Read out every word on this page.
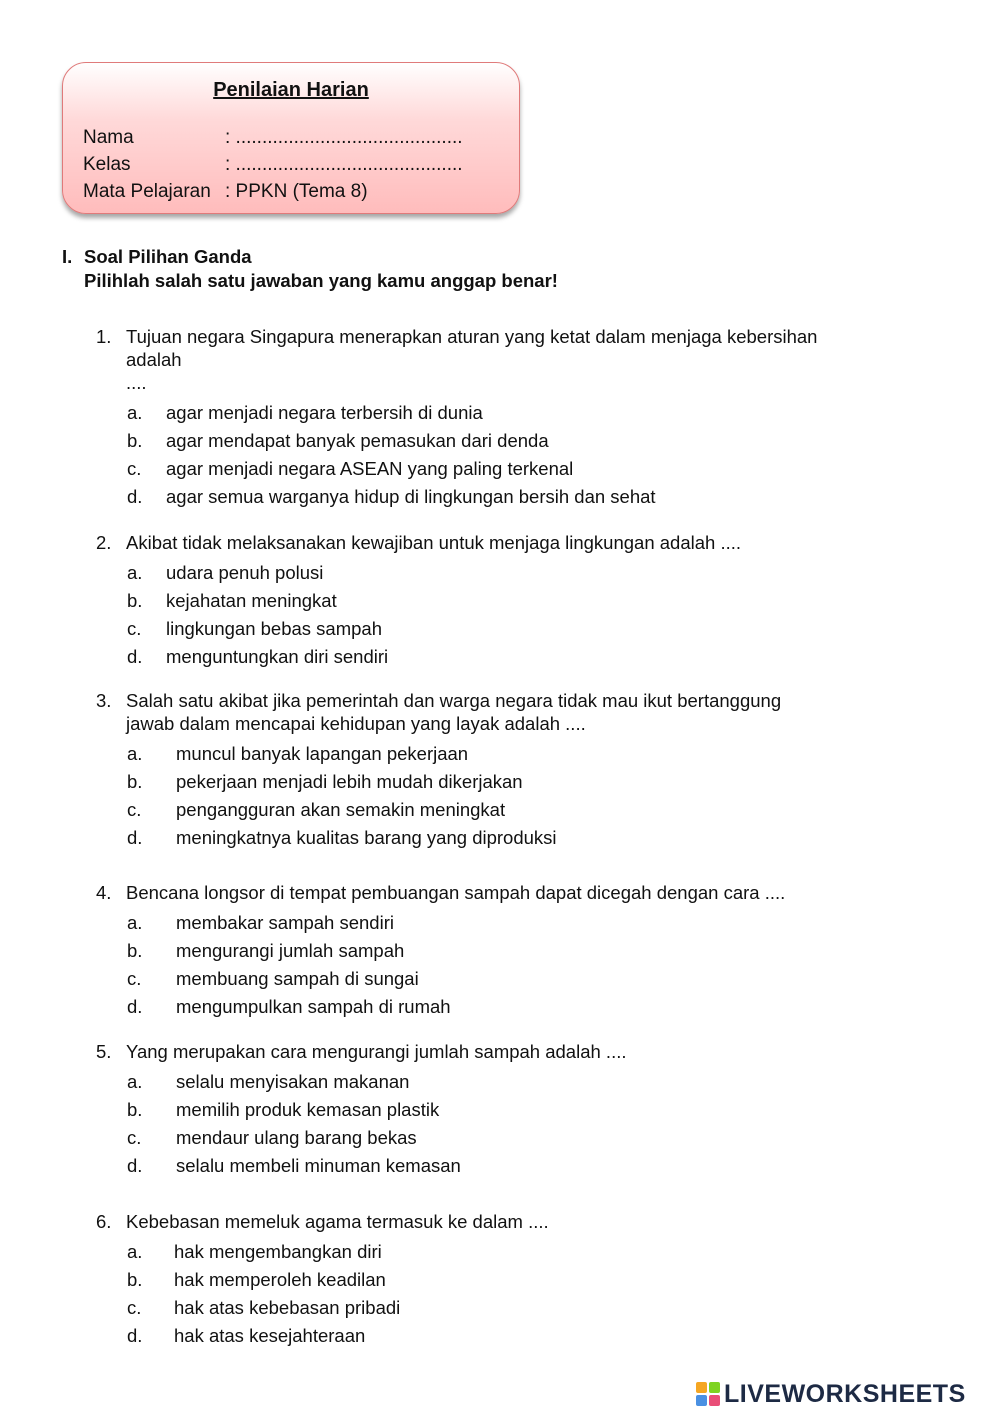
Penilaian Harian
Nama	: ...........................................
Kelas	: ...........................................
Mata Pelajaran : PPKN (Tema 8)
I. Soal Pilihan Ganda
Pilihlah salah satu jawaban yang kamu anggap benar!
1. Tujuan negara Singapura menerapkan aturan yang ketat dalam menjaga kebersihan
adalah
....
a. agar menjadi negara terbersih di dunia
b. agar mendapat banyak pemasukan dari denda
c. agar menjadi negara ASEAN yang paling terkenal
d. agar semua warganya hidup di lingkungan bersih dan sehat
2. Akibat tidak melaksanakan kewajiban untuk menjaga lingkungan adalah ....
a. udara penuh polusi
b. kejahatan meningkat
c. lingkungan bebas sampah
d. menguntungkan diri sendiri
3. Salah satu akibat jika pemerintah dan warga negara tidak mau ikut bertanggung
jawab dalam mencapai kehidupan yang layak adalah ....
a. muncul banyak lapangan pekerjaan
b. pekerjaan menjadi lebih mudah dikerjakan
c. pengangguran akan semakin meningkat
d. meningkatnya kualitas barang yang diproduksi
4. Bencana longsor di tempat pembuangan sampah dapat dicegah dengan cara ....
a. membakar sampah sendiri
b. mengurangi jumlah sampah
c. membuang sampah di sungai
d. mengumpulkan sampah di rumah
5. Yang merupakan cara mengurangi jumlah sampah adalah ....
a. selalu menyisakan makanan
b. memilih produk kemasan plastik
c. mendaur ulang barang bekas
d. selalu membeli minuman kemasan
6. Kebebasan memeluk agama termasuk ke dalam ....
a. hak mengembangkan diri
b. hak memperoleh keadilan
c. hak atas kebebasan pribadi
d. hak atas kesejahteraan
LIVEWORKSHEETS
